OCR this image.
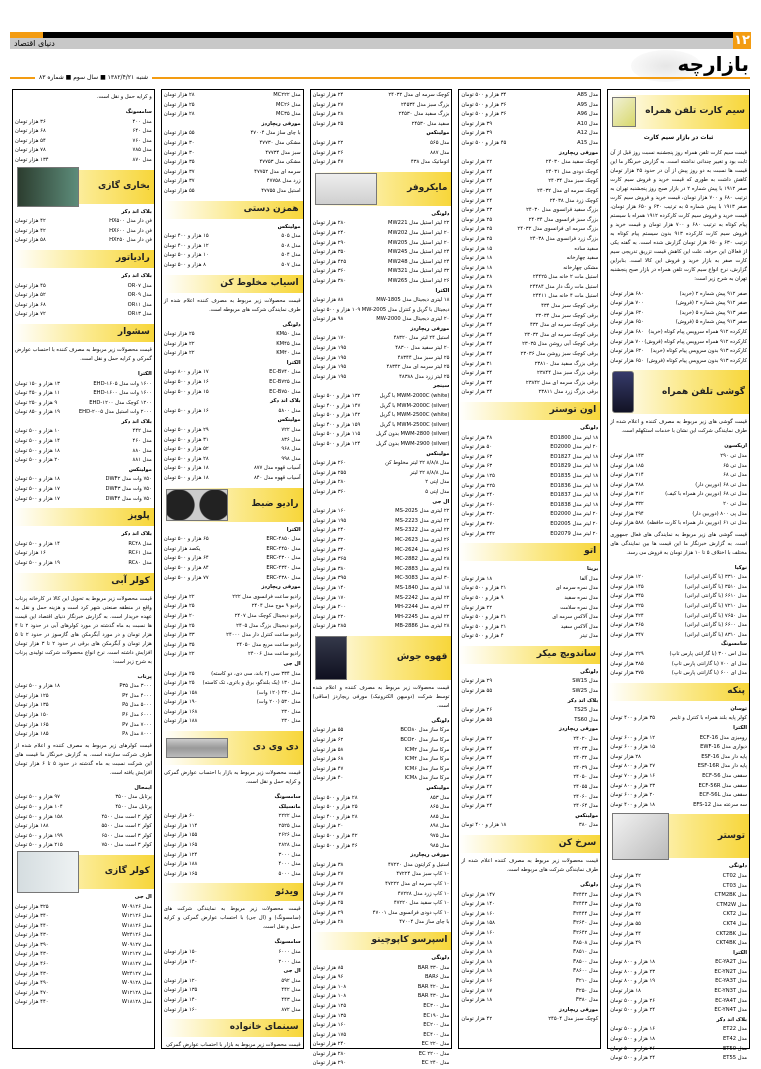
دنیای اقتصاد	۱۲
بازارچه
شنبه ۱۳۸۲/۴/۲۱ ■ سال سوم ■ شماره ۸۳
سیم کارت تلفن همراه
ثبات در بازار سیم کارت
قیمت سیم کارت تلفن همراه روز پنجشنبه نسبت روز قبل از آن ثابت بود و تغییر چندانی نداشته است. به گزارش خبرنگار ما این قیمت ها نسبت به دو روز پیش از آن در حدود ۲۵ هزار تومان کاهش داشت به طوری که قیمت خرید و فروش سیم کارت صفر ۱۹۱۲ با پیش شماره ۲ در بازار صبح روز پنجشنبه تهران به ترتیب ۶۸۰ و ۷۰۰ هزار تومان، قیمت خرید و فروش سیم کارت صفر ۱۹۱۳ با پیش شماره ۵ به ترتیب ۶۳۰ و ۶۵۰ هزار تومان، قیمت خرید و فروش سیم کارت کارکرده ۱۹۱۲ همراه با سیستم پیام کوتاه به ترتیب ۶۸۰ و ۷۰۰ هزار تومان و قیمت خرید و فروش سیم کارت کارکرده ۹۱۳ بدون سیستم پیام کوتاه به ترتیب ۶۳۰ و ۶۵۰ هزار تومان گزارش شده است. به گفته یکی از فعالان این حرفه، علت این کاهش قیمت تزریق تدریجی سیم کارت صفر به بازار خرید و فروش این کالا است. بنابراین گزارش، نرخ انواع سیم کارت تلفن همراه در بازار صبح پنجشنبه تهران به شرح زیر است:
صفر ۹۱۲ پیش شماره ۲ (خرید)
۶۸۰ هزار تومان
صفر ۹۱۲ پیش شماره ۲ (فروش)
۷۰۰ هزار تومان
صفر ۹۱۳ پیش شماره ۵ (خرید)
۶۳۰ هزار تومان
صفر ۹۱۳ پیش شماره ۵ (فروش)
۶۵۰ هزار تومان
کارکرده ۹۱۲ همراه سرویس پیام کوتاه (خرید)
۶۸۰ هزار تومان
کارکرده ۹۱۲ همراه سرویس پیام کوتاه (فروش)
۷۰۰ هزار تومان
کارکرده ۹۱۳ بدون سرویس پیام کوتاه (خرید)
۶۳۰ هزار تومان
کارکرده ۹۱۳ بدون سرویس پیام کوتاه (فروش)
۶۵۰ هزار تومان
گوشی تلفن همراه
قیمت گوشی های زیر مربوط به مصرف کننده و اعلام شده از طرف نمایندگی شرکت این نشان با خدمات استکهلم است.
اریکسون
مدل تی ۲۹۰
۱۴۳ هزار تومان
مدل تی ۶۵
۱۸۵ هزار تومان
مدل تی ۶۸
۲۱۴ هزار تومان
مدل تی ۶۸ (دوربین دار)
۲۸۸ هزار تومان
مدل تی ۶۸ (دوربین دار همراه با کیف)
۳۱۲ هزار تومان
مدل تی ۲۰
۳۳۲ هزار تومان
مدل پی ۸۰۰ (دوربین دار)
۴۹۴ هزار تومان
مدل تی ۶۱ (دوربین دار همراه با کارت حافظه)
۵۸۸ هزار تومان
قیمت گوشی های زیر مربوط به نمایندگی های فعال جمهوری است. به گزارش خبرنگار ما این قیمت ها بین نمایندگی های مختلف با اختلاف ۵ تا ۱۰ هزار تومان به فروش می رسد.
نوکیا
مدل ۳۳۱۰ (با گارانتی ایرانی)
۱۲۰ هزار تومان
مدل ۳۵۱۰ (با گارانتی ایرانی)
۱۴۵ هزار تومان
مدل ۶۶۱۰ (با گارانتی ایرانی)
۳۴۵ هزار تومان
مدل ۷۲۱۰ (با گارانتی ایرانی)
۲۲۵ هزار تومان
مدل ۷۶۵۰ (با گارانتی ایرانی)
۴۲۴ هزار تومان
مدل ۶۶۰۰ (با گارانتی ایرانی)
۳۶۵ هزار تومان
مدل ۸۳۱۰ (با گارانتی ایرانی)
۳۴۷ هزار تومان
سامسونگ
مدل اس ۳۰۰ (با گارانتی پارس تاپ)
۲۲۹ هزار تومان
مدل ای ۷۰۰ (با گارانتی پارس تاپ)
۳۸۵ هزار تومان
مدل ای ۶۰۰ (با گارانتی پارس تاپ)
۳۷۵ هزار تومان
پنکه
توسان
کولر پایه بلند همراه با کنترل و تایمر
۳۵ هزار و ۴۰۰ تومان
الکترا
رومیزی مدل ECF-16
۱۲ هزار و ۶۰۰ تومان
دیواری مدل EWF-16
۱۵ هزار و ۶۰۰ تومان
پایه دار مدل ESF-16
۲۸ هزار تومان
پایه دار مدل ESF-16R
۲۷ هزار و ۸۰۰ تومان
سقفی مدل ECF-56
۱۶ هزار و ۷۰۰ تومان
سقفی مدل ECF-56R
۲۳ هزار و ۸۰۰ تومان
سقفی مدل ECF-56L
۲۰ هزار و ۶۰۰ تومان
سه سرعته مدل EFS-12
۱۸ هزار و ۴۰۰ تومان
توستر
دلونگی
مدل CT02
۴۲ هزار تومان
مدل CT03
۴۹ هزار تومان
مدل CTM2BK
۴۹ هزار تومان
مدل CTM2W
۴۵ هزار تومان
مدل CKT2
۴۴ هزار تومان
مدل CKT4
۵۵ هزار تومان
مدل CKT2BK
۴۴ هزار تومان
مدل CKT4BK
۴۹ هزار تومان
الکترا
مدل EC-YA2T
۱۸ هزار و ۸۰۰ تومان
مدل EC-YN2T
۲۳ هزار و ۸۰۰ تومان
مدل EC-YA3T
۱۹ هزار و ۸۰۰ تومان
مدل EC-YN3T
۱۸ هزار تومان
مدل EC-YA4T
۲۶ هزار و ۵۰۰ تومان
مدل EC-YN4T
۲۴ هزار و ۵۰۰ تومان
بلاک اند دکر
مدل ET22
۱۶ هزار و ۵۰۰ تومان
مدل ET42
۱۸ هزار و ۵۰۰ تومان
مدل ET50
۲۶ هزار و ۵۰۰ تومان
مدل ET55
۲۴ هزار و ۵۰۰ تومان
مدل A85
۳۴ هزار و ۵۰۰ تومان
مدل A95
۳۶ هزار و ۵۰۰ تومان
مدل A96
۳۶ هزار و ۵۰۰ تومان
مدل A10
۳۹ هزار تومان
مدل A12
۳۹ هزار تومان
مدل A15
۴۵ هزار و ۵۰۰ تومان
مورفی ریچاردز
کوچک سفید مدل ۲۴۰۳۰
۲۲ هزار تومان
کوچک دودی مدل ۲۴۰۳۱
۲۴ هزار تومان
کوچک سبز مدل ۲۴۰۳۴
۲۴ هزار تومان
کوچک سرمه ای مدل ۲۴۰۳۲
۲۴ هزار تومان
کوچک زرد مدل ۲۴۰۳۸
۲۴ هزار تومان
بزرگ سفید فرانسوی مدل ۲۴۰۳۰
۲۳ هزار تومان
بزرگ سبز فرانسوی مدل ۲۴۰۳۴
۲۵ هزار تومان
بزرگ سرمه ای فرانسوی مدل ۲۴۰۳۲
۲۵ هزار تومان
بزرگ زرد فرانسوی مدل ۲۴۰۳۸
۲۵ هزار تومان
سفید ساده
۱۵ هزار تومان
سفید چهارخانه
۱۸ هزار تومان
مشکی چهارخانه
۱۸ هزار تومان
استیل مات ۲ خانه مدل ۲۴۴۲۵
۲۸ هزار تومان
استیل مات رنگ دار مدل ۲۴۴۸۴
۲۸ هزار تومان
استیل مات ۴ خانه مدل ۲۴۴۱۱
۳۴ هزار تومان
برقی کوچک سبز مدل ۴۳۴
۴۴ هزار تومان
برقی کوچک سبز مدل ۲۳۰۳۴
۴۴ هزار تومان
برقی کوچک سرمه ای مدل ۴۳۲
۴۴ هزار تومان
برقی کوچک سرمه ای مدل ۲۳۰۳۲
۴۴ هزار تومان
برقی کوچک آبی روشن مدل ۲۳۰۳۵
۴۴ هزار تومان
برقی کوچک سبز روشن مدل ۲۳۰۳۶
۴۴ هزار تومان
برقی بزرگ سفید مدل ۲۳۸۱۰
۳۱ هزار تومان
برقی بزرگ سبز مدل ۲۳۸۴۴
۳۴ هزار تومان
برقی بزرگ سرمه ای مدل ۲۳۸۴۲
۳۴ هزار تومان
برقی بزرگ زرد مدل ۲۳۸۱۱
۳۴ هزار تومان
اون توستر
دلونگی
۱۸ لیتر مدل EO1800
۴۸ هزار تومان
۲۰ لیتر مدل EO2000
۵۰ هزار تومان
۱۸ لیتر مدل EO1827
۶۳ هزار تومان
۱۸ لیتر مدل EO1829
۶۳ هزار تومان
۱۸ لیتر مدل EO1835
۱۲۵ هزار تومان
۱۸ لیتر مدل EO1836
۲۲۵ هزار تومان
۱۸ لیتر مدل EO1837
۲۴۰ هزار تومان
۱۸ لیتر مدل EO1838
۲۶۰ هزار تومان
۲۰ لیتر مدل EO2000
۳۲۰ هزار تومان
۲۰ لیتر مدل EO2005
۳۷۰ هزار تومان
۲۰ لیتر مدل EO2079
۳۴۲ هزار تومان
اتو
بریتا
مدل آلفا
۱۸ هزار تومان
مدل نمره سرمه ای
۲۱ هزار و ۵۰۰ تومان
مدل نمره سفید
۹ هزار و ۵۰۰ تومان
مدل نمره سلامت
۲۲ هزار تومان
مدل آلاکس سرمه ای
۲۱ هزار و ۵۰۰ تومان
مدل آلاکس سفید
۲۱ هزار و ۵۰۰ تومان
مدل تیتر
۴ هزار و ۵۰۰ تومان
ساندویچ میکر
دلونگی
مدل SW15
۲۹ هزار تومان
مدل SW25
۵۵ هزار تومان
بلاک اند دکر
مدل TS25
۲۶ هزار تومان
مدل TS60
۵۵ هزار تومان
مورفی ریچاردز
مدل ۲۴۰۲۰
۲۲ هزار تومان
مدل ۲۴۰۳۳
۲۴ هزار تومان
مدل ۲۴۰۳۲
۲۴ هزار تومان
مدل ۲۴۰۳۹
۲۴ هزار تومان
مدل ۲۴۰۵۰
۲۲ هزار تومان
مدل ۲۴۰۵۵
۲۲ هزار تومان
مدل ۲۴۰۶۰
۲۴ هزار تومان
مدل ۲۴۰۶۴
۲۴ هزار تومان
مولینکس
مدل ۳۸۰
۱۸ هزار و ۴۰۰ تومان
سرخ کن
قیمت محصولات زیر مربوط به مصرف کننده اعلام شده از طرف نمایندگی شرکت های مربوطه است.
دلونگی
مدل F۲۴۴۲
۱۴۷ هزار تومان
مدل F۲۴۴۳
۱۴۰ هزار تومان
مدل F۲۴۴۴
۱۶۰ هزار تومان
مدل F۲۶۴۰
۱۵۸ هزار تومان
مدل F۲۶۴۲
۱۶۰ هزار تومان
مدل F۸۵۰۸
۱۸ هزار تومان
مدل F۸۵۱۰
۱۸ هزار تومان
مدل F۸۵۰۰
۱۸ هزار تومان
مدل F۸۶۰۰
۱۸ هزار تومان
مدل F۲۱۰
۱۶ هزار تومان
مدل F۲۵۰
۱۷ هزار تومان
مدل F۳۸۰
۱۸ هزار تومان
مورفی ریچاردز
کوچک سبز مدل ۲۴۵۰۴
۴۲ هزار تومان
کوچک سرمه ای مدل ۲۴۰۳۲
۲۴ هزار تومان
بزرگ سبز مدل ۲۴۵۳۴
۲۷ هزار تومان
بزرگ سفید مدل ۲۴۵۳۰
۲۸ هزار تومان
سفید مدل ۲۴۵۳۰
۲۵ هزار تومان
مولینکس
مدل ۵۶۵
۲۲ هزار تومان
مدل ۸۸۷
۲۶ هزار تومان
اتوماتیک مدل ۴۳۸
۴۷ هزار تومان
مایکروفر
دلونگی
۲۲ لیتر استیل مدل MW221
۲۸۰ هزار تومان
۲۰ لیتر استیل مدل MW202
۲۴۰ هزار تومان
۲۰ لیتر استیل مدل MW205
۲۹۰ هزار تومان
۲۴ لیتر استیل مدل MW245
۳۵۰ هزار تومان
۲۴ لیتر استیل مدل MW248
۴۲۵ هزار تومان
۳۲ لیتر استیل مدل MW321
۳۶۰ هزار تومان
۲۶ لیتر استیل مدل MW265
۳۸۰ هزار تومان
الکترا
۱۸ لیتری دیجیتال مدل MW-1805
۸۸ هزار تومان
دیجیتال با گریل و کنترل مدل MW-2005
۱۰۹ هزار و ۵۰۰ تومان
۲۰ لیتری دیجیتال مدل MW-2000
۹۸ هزار تومان
مورفی ریچاردز
استیل ۲۴ لیتر مدل ۴۸۳۲۰
۱۷۰ هزار تومان
۲۰ لیتر سفید مدل ۴۸۳۰۰
۱۹۵ هزار تومان
۲۵ لیتر سبز مدل ۴۸۳۴۴
۱۹۵ هزار تومان
۲۵ لیتر سرمه ای مدل ۴۸۳۴۲
۱۹۵ هزار تومان
۲۵ لیتر زرد مدل ۴۸۳۸۸
۱۹۵ هزار تومان
سینجر
(white) MWM-2000C با گریل
۱۳۲ هزار و ۵۰۰ تومان
(silver) MWM-2000C با گریل
۱۴۷ هزار و ۴۰۰ تومان
(white) MWM-2500C با گریل
۱۴۲ هزار و ۵۰۰ تومان
(silver) MWM-2500C با گریل
۱۵۹ هزار و ۴۰۰ تومان
(silver) MWM-2800 بدون گریل
۱۱۵ هزار و ۵۰۰ تومان
(silver) MWM-2900 بدون گریل
۱۲۴ هزار و ۵۰۰ تومان
مولینکس
مدل ۸/۸/۸ ۲۲ لیتر مخلوط کن
۲۶۰ هزار تومان
مدل ۸/۸/۸ ۲۲ لیتر
۲۵۵ هزار تومان
مدل اپتی ۲
۲۸۰ هزار تومان
مدل اپتی ۵
۳۶۰ هزار تومان
ال جی
۲۲ لیتری مدل MS-2025
۱۶۰ هزار تومان
۲۲ لیتری مدل MS-2223
۱۹۵ هزار تومان
۲۲ لیتری مدل MS-2322
۲۴۰ هزار تومان
۲۶ لیتری مدل MC-2623
۳۲۰ هزار تومان
۲۶ لیتری مدل MC-2624
۳۴۰ هزار تومان
۲۸ لیتری مدل MC-2882
۳۶۵ هزار تومان
۲۸ لیتری مدل MC-2883
۳۸۰ هزار تومان
۳۰ لیتری مدل MC-3083
۳۹۵ هزار تومان
۱۸ لیتری مدل MS-1840
۱۴۰ هزار تومان
۲۲ لیتری مدل MS-2242
۱۷۰ هزار تومان
۲۲ لیتری مدل MH-2244
۲۰۰ هزار تومان
۲۲ لیتری مدل MH-2245
۲۲۰ هزار تومان
۲۸ لیتری مدل MB-2886
۲۸۵ هزار تومان
قهوه جوش
قیمت محصولات زیر مربوط به مصرف کننده و اعلام شده توسط شرکت (دومیهن الکترونیک) مورفی ریچاردز (ساقی) است.
دلونگی
مرکا ساز مدل BCO۸۰
۵۵ هزار تومان
مرکا ساز مدل BCO۲۰
۶۲ هزار تومان
مرکا ساز مدل ICM۲
۵۸ هزار تومان
مرکا ساز مدل ICM۴
۶۸ هزار تومان
مرکا ساز مدل ICM۶
۴۷ هزار تومان
مرکا ساز مدل ICM۸
۴۰ هزار تومان
مولینکس
مدل ۸۵۳
۲۸ هزار و ۵۰۰ تومان
مدل ۸۶۵
۲۵ هزار و ۵۰۰ تومان
مدل ۸۸۵
۲۸ هزار و ۴۰۰ تومان
مدل ۸۹۸
۲۰ هزار تومان
مدل ۹۷۵
۴۲ هزار و ۵۰۰ تومان
مدل ۹۸۵
۴۶ هزار و ۵۰۰ تومان
مورفی ریچاردز
استیل و کرایتون مدل ۴۷۲۲۰
۳۸ هزار تومان
۱۰ کاپ سبز مدل ۴۷۲۲۴
۲۷ هزار تومان
۱۰ کاپ سرمه ای مدل ۴۷۲۲۲
۲۷ هزار تومان
۱۰ کاپ زرد مدل ۴۷۲۲۸
۲۷ هزار تومان
۱۰ کاپ سفید مدل ۴۷۲۲۰
۲۵ هزار تومان
۱۰ کاپ دودی فرانسوی مدل ۴۷۰۰۱
۲۹ هزار تومان
با چای ساز مدل ۴۷۰۰۴
۲۸ هزار تومان
اسپرسو کاپوچینو
دلونگی
مدل BAR ۳۳۰
۸۵ هزار تومان
مدل BAR۶
۹۶ هزار تومان
مدل BAR ۴۲۰
۱۰۸ هزار تومان
مدل BAR ۴۳۰
۱۰۸ هزار تومان
مدل EC۳۰۰
۱۲۵ هزار تومان
مدل EC۱۹۰
۱۳۵ هزار تومان
مدل EC۲۰۰
۱۶۰ هزار تومان
مدل EC۴۰۰
۱۷۵ هزار تومان
مدل EC ۲۲۰
۲۴۰ هزار تومان
مدل EC ۲۲۰۰
۲۸۰ هزار تومان
مدل EC ۲۴۰
۲۹۰ هزار تومان
مدل MC۲۲۲
۲۸ هزار تومان
مدل MC۲۶
۲۵ هزار تومان
مدل MC۳۵
۲۸ هزار تومان
مورفی ریچاردز
با چای ساز مدل ۴۷۰۰۴
۵۵ هزار تومان
مشکی مدل ۴۷۷۳۰
۳۰ هزار تومان
سبز مدل ۴۷۷۳۴
۳۰ هزار تومان
مشکی مدل ۴۷۷۵۳
۳۵ هزار تومان
سرمه ای مدل ۴۷۷۵۲
۳۷ هزار تومان
زرد مدل ۴۷۷۵۸
۳۷ هزار تومان
استیل مدل ۴۷۷۵۵
۵۵ هزار تومان
همزن دستی
مولینکس
مدل ۵۰۵
۱۵ هزار و ۴۰۰ تومان
مدل ۵۰۸
۱۲ هزار و ۴۰۰ تومان
مدل ۵۰۴
۱۰ هزار و ۵۰۰ تومان
مدل ۵۰۷
۸ هزار و ۵۰۰ تومان
اسیاب مخلوط کن
قیمت محصولات زیر مربوط به مصرف کننده اعلام شده از طرف نمایندگی شرکت های مربوطه است.
دلونگی
مدل KM۵۰
۲۵ هزار تومان
مدل KM۴۵
۲۲ هزار تومان
مدل KM۴۰
۲۲ هزار تومان
الکترا
مدل EC-B۷۴۰
۱۷ هزار و ۸۰۰ تومان
مدل EC-B۷۲۵
۱۶ هزار و ۵۰۰ تومان
مدل EC-B۷۵۰
۱۵ هزار و ۵۰۰ تومان
بلاک اند دکر
مدل ۵۸۰۰
۱۶ هزار و ۵۰۰ تومان
مولینکس
مدل ۷۲۲
۲۹ هزار و ۵۰۰ تومان
مدل ۸۳۶
۳۱ هزار و ۵۰۰ تومان
مدل ۹۶۸
۵۲ هزار و ۵۰۰ تومان
مدل ۹۹۸
۲۸ هزار و ۵۰۰ تومان
آسیاب قهوه مدل ۸۷۷
۱۸ هزار و ۵۰۰ تومان
آسیاب قهوه مدل ۸۴۰
۱۸ هزار و ۵۰۰ تومان
رادیو ضبط
الکترا
مدل ERC-۴۸۵۰
۶۵ هزار و ۵۰۰ تومان
مدل ERC-۴۴۵۰
یکصد هزار تومان
مدل ERC-۴۳۰۰
۶۴ هزار و ۵۰۰ تومان
مدل ERC-۴۳۴۰
۸۴ هزار و ۵۰۰ تومان
مدل ERC-۴۳۸۰
۷۷ هزار و ۵۰۰ تومان
مورفی ریچاردز
رادیو ساعت فرانسوی مدل ۲۲۲
۲۲ هزار تومان
رادیو ۹ موج مدل ۲۴۰۴
۲۵ هزار تومان
رادیو دیجیتال کوچک مدل ۲۴۰۷
۲۰ هزار تومان
رادیو دیجیتال بزرگ مدل ۲۴۰۵
۲۵ هزار تومان
رادیو ساعت کنترل دار مدل ۲۴۰۰۰
۳۳ هزار تومان
رادیو ساعت مربع مدل ۲۴۰۵۰
۳۵ هزار تومان
رادیو ساعت مدل ۲۴۰۰۶
۲۲ هزار تومان
ال جی
مدل ۳۳۴ سی (۲ باند، سی دی، دو کاسته)
۲۵ هزار تومان
مدل ۱۳۰ (یک بلندگو، برق و باتری، تک کاسته)
۲۵ هزار تومان
مدل ۴۳۰ (۱۲۰ وات)
۱۵۸ هزار تومان
مدل ۵۳۰ (۲۰۰ وات)
۱۹۰ هزار تومان
مدل ۲۳۰
۱۶۸ هزار تومان
مدل ۲۳۰
۱۸۸ هزار تومان
دی وی دی
قیمت محصولات زیر مربوط به بازار با احتساب عوارض گمرکی و کرایه حمل و نقل است.
سامسونگ
مانسیلک
مدل ۲۲۲۲
۶۰ هزار تومان
مدل ۲۵۲۵
۱۱۴ هزار تومان
مدل ۲۶۲۶
۱۵۵ هزار تومان
مدل ۲۸۲۸
۱۶۵ هزار تومان
مدل ۳۰۰۰
۱۲۴ هزار تومان
مدل ۴۰۰۰
۱۸۸ هزار تومان
مدل ۵۰۰۰
۱۶۵ هزار تومان
ویدئو
قیمت محصولات زیر مربوط به نمایندگی شرکت های (سامسونگ) و (ال جی) با احتساب عوارض گمرکی و کرایه حمل و نقل است.
سامسونگ
مدل ۶۰۰۰
۱۵۰ هزار تومان
مدل ۲۰۰۰
۱۴۰ هزار تومان
ال جی
مدل ۵۹۲
۱۲۰ هزار تومان
مدل ۴۴۲
۱۳۵ هزار تومان
مدل ۴۴۳
۱۴۰ هزار تومان
مدل ۸۷۲
۱۶۰ هزار تومان
سینمای خانواده
قیمت محصولات زیر مربوط به بازار با احتساب عوارض گمرکی
و کرایه حمل و نقل است.
سامسونگ
مدل ۴۰۰
۳۶ هزار تومان
مدل ۶۴۰
۶۸ هزار تومان
مدل ۷۶۰
۵۴ هزار تومان
مدل ۷۸۵
۷۸ هزار تومان
مدل ۸۷۰
۱۳۴ هزار تومان
بخاری گازی
بلاک اند دکر
فن دار مدل HX۵۰۰
۴۲ هزار تومان
فن دار مدل HX۶۰۰
۴۲ هزار تومان
فن دار مدل HX۲۵۰
۵۸ هزار تومان
رادیاتور
بلاک اند دکر
مدل OR۰۷
۴۵ هزار تومان
مدل OR۰۹
۵۲ هزار تومان
مدل OR۱۱
۶۸ هزار تومان
مدل OR۱۳
۷۲ هزار تومان
سشوار
قیمت محصولات زیر مربوط به مصرف کننده با احتساب عوارض گمرکی و کرایه حمل و نقل است.
الکترا
۱۶۰۰ وات مدل EHD-۱۶۰۵
۱۳ هزار و ۱۵۰ تومان
۱۶۰۰ وات مدل EHD-۱۶۰۰
۱۱ هزار و ۴۵۰ تومان
۱۲۰۰ کوچک مدل EHD-۱۲۰۰
۹ هزار و ۲۵۰ تومان
۲۰۰۰ وات استیل مدل EHD-۲۰۰۵
۱۹ هزار و ۸۵۰ تومان
بلاک اند دکر
مدل ۴۴۲
۱۰ هزار و ۵۰۰ تومان
مدل ۴۶۰
۱۴ هزار و ۵۰۰ تومان
مدل ۸۸۰
۱۸ هزار و ۵۰۰ تومان
مدل ۸۸۱
۲۰ هزار و ۵۰۰ تومان
مولینکس
۷۵۰ وات مدل DWF۲
۱۸ هزار و ۵۰۰ تومان
۷۵۰ وات مدل DWF۳
۱۷ هزار و ۵۰۰ تومان
۷۵۰ وات مدل DWF۴
۱۷ هزار و ۵۰۰ تومان
پلوپز
بلاک اند دکر
مدل RC۴۸
۱۴ هزار و ۵۰۰ تومان
مدل RC۶۱
۱۶ هزار تومان
مدل RC۸۰
۱۹ هزار و ۵۰۰ تومان
کولر آبی
قیمت محصولات زیر مربوط به تحویل این کالا در کارخانه پرناب واقع در منطقه صنعتی شهر کرد است و هزینه حمل و نقل به عهده خریدار است. به گزارش خبرنگار دنیای اقتصاد این قیمت ها نسبت به ماه گذشته در مورد کولرهای آبی در حدود ۲ تا ۴ هزار تومان و در مورد آبگرمکن های گازسوز در حدود ۲ تا ۵ هزار تومان و آبگرمکن های برقی در حدود ۲ تا ۳ هزار تومان افزایش داشته است. نرخ انواع محصولات شرکت تولیدی پرناب به شرح زیر است:
پرناب
۳۰۰۰ مدل P۳۵
۱۸ هزار و ۵۰۰ تومان
۴۰۰۰ مدل P۴
۱۲۵ هزار تومان
۵۰۰۰ مدل P۵
۱۳۵ هزار تومان
۶۰۰۰ مدل P۶
۱۵۰ هزار تومان
۷۰۰۰ مدل P۷
۱۶۵ هزار تومان
۸۰۰۰ مدل P۸
۱۸۵ هزار تومان
قیمت کولرهای زیر مربوط به مصرف کننده و اعلام شده از طرف شرکت سازنده است. به گزارش خبرنگار ما قیمت های این شرکت نسبت به ماه گذشته در حدود ۵ تا ۶ هزار تومان افزایش یافته است.
ایمحال
پرتابل مدل ۳۵۰۰
۹۷ هزار و ۵۰۰ تومان
پرتابل مدل ۴۵۰۰
۱۰۴ هزار و ۵۰۰ تومان
کولر ۲ است مدل ۴۵۰۰
۱۵۸ هزار و ۵۰۰ تومان
کولر ۲ است مدل ۵۵۰۰
۱۸۸ هزار تومان
کولر ۳ است مدل ۶۵۰۰
۱۹۹ هزار و ۵۰۰ تومان
کولر ۳ است مدل ۷۵۰۰
۲۱۵ هزار و ۵۰۰ تومان
کولر گازی
ال جی
مدل W۰۹۱۲۶
۳۲۵ هزار تومان
مدل W۱۲۱۲۶
۳۴۰ هزار تومان
مدل W۱۸۱۲۶
۴۴۰ هزار تومان
مدل W۲۴۱۲۶
۴۳۰ هزار تومان
مدل W۰۹۱۲۷
۳۹۰ هزار تومان
مدل W۱۲۱۲۷
۴۳۰ هزار تومان
مدل W۱۸۱۲۷
۴۶۰ هزار تومان
مدل W۲۴۱۲۷
۴۳۰ هزار تومان
مدل W۰۹۱۲۸
۴۹۰ هزار تومان
مدل W۱۲۱۲۸
۴۷۰ هزار تومان
مدل W۱۸۱۲۸
۴۴۰ هزار تومان
